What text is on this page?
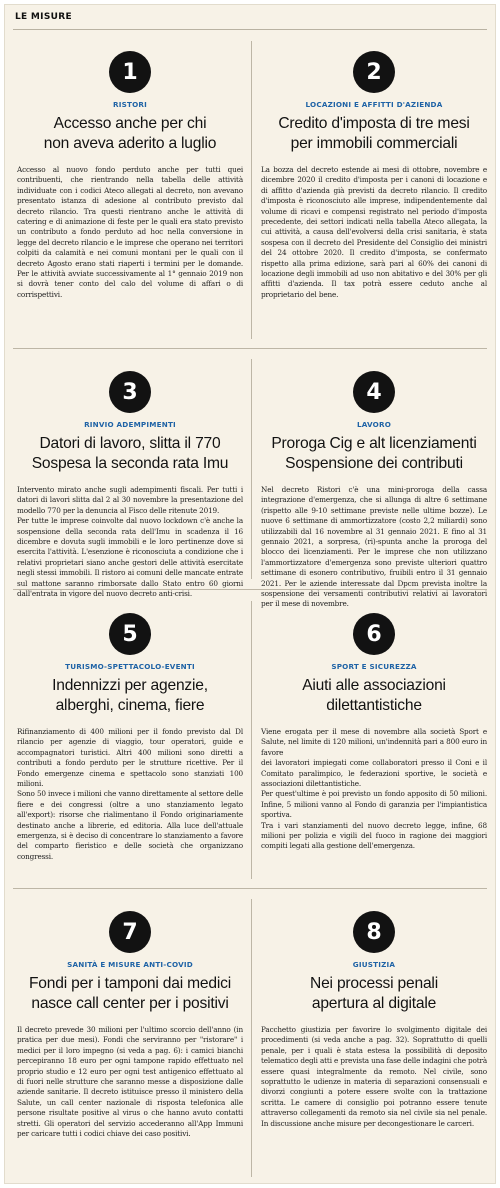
LE MISURE
1
RISTORI
Accesso anche per chi
non aveva aderito a luglio
Accesso al nuovo fondo perduto anche per tutti quei contribuenti, che rientrando nella tabella delle attività individuate con i codici Ateco allegati al decreto, non avevano presentato istanza di adesione al contributo previsto dal decreto rilancio. Tra questi rientrano anche le attività di catering e di animazione di feste per le quali era stato previsto un contributo a fondo perduto ad hoc nella conversione in legge del decreto rilancio e le imprese che operano nei territori colpiti da calamità e nei comuni montani per le quali con il decreto Agosto erano stati riaperti i termini per le domande. Per le attività avviate successivamente al 1° gennaio 2019 non si dovrà tener conto del calo del volume di affari o di corrispettivi.
2
LOCAZIONI E AFFITTI D'AZIENDA
Credito d'imposta di tre mesi
per immobili commerciali
La bozza del decreto estende ai mesi di ottobre, novembre e dicembre 2020 il credito d'imposta per i canoni di locazione e di affitto d'azienda già previsti da decreto rilancio. Il credito d'imposta è riconosciuto alle imprese, indipendentemente dal volume di ricavi e compensi registrato nel periodo d'imposta precedente, dei settori indicati nella tabella Ateco allegata, la cui attività, a causa dell'evolversi della crisi sanitaria, è stata sospesa con il decreto del Presidente del Consiglio dei ministri del 24 ottobre 2020. Il credito d'imposta, se confermato rispetto alla prima edizione, sarà pari al 60% dei canoni di locazione degli immobili ad uso non abitativo e del 30% per gli affitti d'azienda. Il tax potrà essere ceduto anche al proprietario del bene.
3
RINVIO ADEMPIMENTI
Datori di lavoro, slitta il 770
Sospesa la seconda rata Imu
Intervento mirato anche sugli adempimenti fiscali. Per tutti i datori di lavori slitta dal 2 al 30 novembre la presentazione del modello 770 per la denuncia al Fisco delle ritenute 2019.
Per tutte le imprese coinvolte dal nuovo lockdown c'è anche la sospensione della seconda rata dell'Imu in scadenza il 16 dicembre e dovuta sugli immobili e le loro pertinenze dove si esercita l'attività. L'esenzione è riconosciuta a condizione che i relativi proprietari siano anche gestori delle attività esercitate negli stessi immobili. Il ristoro ai comuni delle mancate entrate sul mattone saranno rimborsate dallo Stato entro 60 giorni dall'entrata in vigore del nuovo decreto anti-crisi.
4
LAVORO
Proroga Cig e alt licenziamenti
Sospensione dei contributi
Nel decreto Ristori c'è una mini-proroga della cassa integrazione d'emergenza, che si allunga di altre 6 settimane (rispetto alle 9-10 settimane previste nelle ultime bozze). Le nuove 6 settimane di ammortizzatore (costo 2,2 miliardi) sono utilizzabili dal 16 novembre al 31 gennaio 2021. E fino al 31 gennaio 2021, a sorpresa, (ri)-spunta anche la proroga del blocco dei licenziamenti. Per le imprese che non utilizzano l'ammortizzatore d'emergenza sono previste ulteriori quattro settimane di esonero contributivo, fruibili entro il 31 gennaio 2021. Per le aziende interessate dal Dpcm prevista inoltre la sospensione dei versamenti contributivi relativi ai lavoratori per il mese di novembre.
5
TURISMO-SPETTACOLO-EVENTI
Indennizzi per agenzie,
alberghi, cinema, fiere
Rifinanziamento di 400 milioni per il fondo previsto dal Dl rilancio per agenzie di viaggio, tour operatori, guide e accompagnatori turistici. Altri 400 milioni sono diretti a contributi a fondo perduto per le strutture ricettive. Per il Fondo emergenze cinema e spettacolo sono stanziati 100 milioni.
Sono 50 invece i milioni che vanno direttamente al settore delle fiere e dei congressi (oltre a uno stanziamento legato all'export): risorse che rialimentano il Fondo originariamente destinato anche a librerie, ed editoria. Alla luce dell'attuale emergenza, si è deciso di concentrare lo stanziamento a favore del comparto fieristico e delle società che organizzano congressi.
6
SPORT E SICUREZZA
Aiuti alle associazioni
dilettantistiche
Viene erogata per il mese di novembre alla società Sport e Salute, nel limite di 120 milioni, un'indennità pari a 800 euro in favore
dei lavoratori impiegati come collaboratori presso il Coni e il Comitato paralimpico, le federazioni sportive, le società e associazioni dilettantistiche.
Per quest'ultime è poi previsto un fondo apposito di 50 milioni. Infine, 5 milioni vanno al Fondo di garanzia per l'impiantistica sportiva.
Tra i vari stanziamenti del nuovo decreto legge, infine, 68 milioni per polizia e vigili del fuoco in ragione dei maggiori compiti legati alla gestione dell'emergenza.
7
SANITÀ E MISURE ANTI-COVID
Fondi per i tamponi dai medici
nasce call center per i positivi
Il decreto prevede 30 milioni per l'ultimo scorcio dell'anno (in pratica per due mesi). Fondi che serviranno per "ristorare" i medici per il loro impegno (si veda a pag. 6): i camici bianchi percepiranno 18 euro per ogni tampone rapido effettuato nel proprio studio e 12 euro per ogni test antigenico effettuato al di fuori nelle strutture che saranno messe a disposizione dalle aziende sanitarie. Il decreto istituisce presso il ministero della Salute, un call center nazionale di risposta telefonica alle persone risultate positive al virus o che hanno avuto contatti stretti. Gli operatori del servizio accederanno all'App Immuni per caricare tutti i codici chiave dei caso positivi.
8
GIUSTIZIA
Nei processi penali
apertura al digitale
Pacchetto giustizia per favorire lo svolgimento digitale dei procedimenti (si veda anche a pag. 32). Soprattutto di quelli penale, per i quali è stata estesa la possibilità di deposito telematico degli atti e prevista una fase delle indagini che potrà essere quasi integralmente da remoto. Nel civile, sono soprattutto le udienze in materia di separazioni consensuali e divorzi congiunti a potere essere svolte con la trattazione scritta. Le camere di consiglio poi potranno essere tenute attraverso collegamenti da remoto sia nel civile sia nel penale. In discussione anche misure per decongestionare le carceri.
